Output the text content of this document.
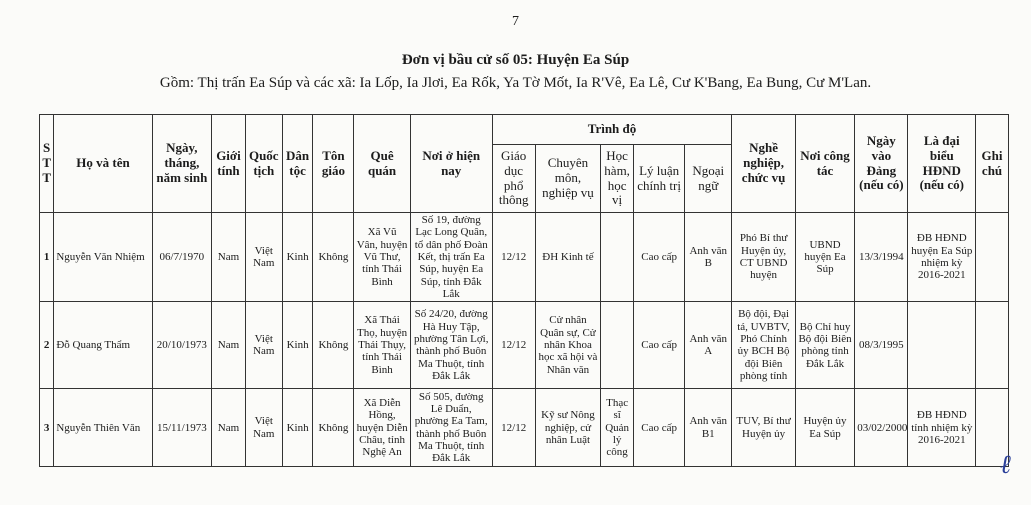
7
Đơn vị bầu cử số 05: Huyện Ea Súp
Gồm: Thị trấn Ea Súp và các xã: Ia Lốp, Ia Jlơi, Ea Rốk, Ya Tờ Mốt, Ia R'Vê, Ea Lê, Cư K'Bang, Ea Bung, Cư M'Lan.
S T T	Họ và tên	Ngày, tháng, năm sinh	Giới tính	Quốc tịch	Dân tộc	Tôn giáo	Quê quán	Nơi ở hiện nay	Trình độ					Nghề nghiệp, chức vụ	Nơi công tác	Ngày vào Đảng (nếu có)	Là đại biểu HĐND (nếu có)	Ghi chú
									Giáo dục phổ thông	Chuyên môn, nghiệp vụ	Học hàm, học vị	Lý luận chính trị	Ngoại ngữ					
1	Nguyễn Văn Nhiệm	06/7/1970	Nam	Việt Nam	Kinh	Không	Xã Vũ Vân, huyện Vũ Thư, tỉnh Thái Bình	Số 19, đường Lạc Long Quân, tổ dân phố Đoàn Kết, thị trấn Ea Súp, huyện Ea Súp, tỉnh Đắk Lắk	12/12	ĐH Kinh tế		Cao cấp	Anh văn B	Phó Bí thư Huyện ủy, CT UBND huyện	UBND huyện Ea Súp	13/3/1994	ĐB HĐND huyện Ea Súp nhiệm kỳ 2016-2021	
2	Đỗ Quang Thẩm	20/10/1973	Nam	Việt Nam	Kinh	Không	Xã Thái Thọ, huyện Thái Thụy, tỉnh Thái Bình	Số 24/20, đường Hà Huy Tập, phường Tân Lợi, thành phố Buôn Ma Thuột, tỉnh Đắk Lắk	12/12	Cử nhân Quân sự, Cử nhân Khoa học xã hội và Nhân văn		Cao cấp	Anh văn A	Bộ đội, Đại tá, UVBTV, Phó Chính ủy BCH Bộ đội Biên phòng tỉnh	Bộ Chỉ huy Bộ đội Biên phòng tỉnh Đắk Lắk	08/3/1995		
3	Nguyễn Thiên Văn	15/11/1973	Nam	Việt Nam	Kinh	Không	Xã Diễn Hồng, huyện Diễn Châu, tỉnh Nghệ An	Số 505, đường Lê Duẩn, phường Ea Tam, thành phố Buôn Ma Thuột, tỉnh Đắk Lắk	12/12	Kỹ sư Nông nghiệp, cử nhân Luật	Thạc sĩ Quản lý công	Cao cấp	Anh văn B1	TUV, Bí thư Huyện ủy	Huyện ủy Ea Súp	03/02/2000	ĐB HĐND tỉnh nhiệm kỳ 2016-2021	
ℓ
